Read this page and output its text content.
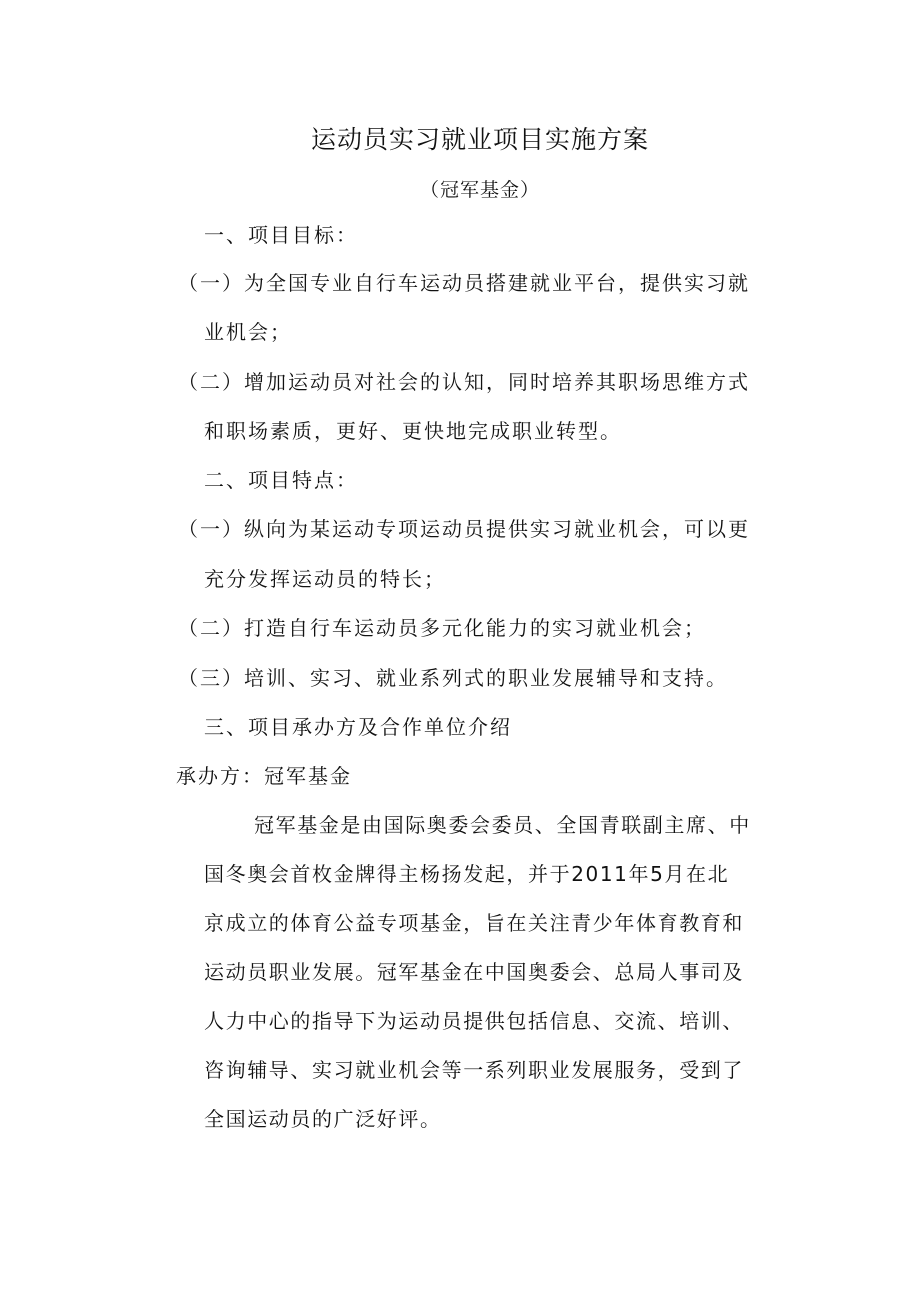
运动员实习就业项目实施方案
（冠军基金）
一、项目目标：
（一）为全国专业自行车运动员搭建就业平台，提供实习就
业机会；
（二）增加运动员对社会的认知，同时培养其职场思维方式
和职场素质，更好、更快地完成职业转型。
二、项目特点：
（一）纵向为某运动专项运动员提供实习就业机会，可以更
充分发挥运动员的特长；
（二）打造自行车运动员多元化能力的实习就业机会；
（三）培训、实习、就业系列式的职业发展辅导和支持。
三、项目承办方及合作单位介绍
承办方：冠军基金
冠军基金是由国际奥委会委员、全国青联副主席、中
国冬奥会首枚金牌得主杨扬发起，并于2011年5月在北
京成立的体育公益专项基金，旨在关注青少年体育教育和
运动员职业发展。冠军基金在中国奥委会、总局人事司及
人力中心的指导下为运动员提供包括信息、交流、培训、
咨询辅导、实习就业机会等一系列职业发展服务，受到了
全国运动员的广泛好评。
